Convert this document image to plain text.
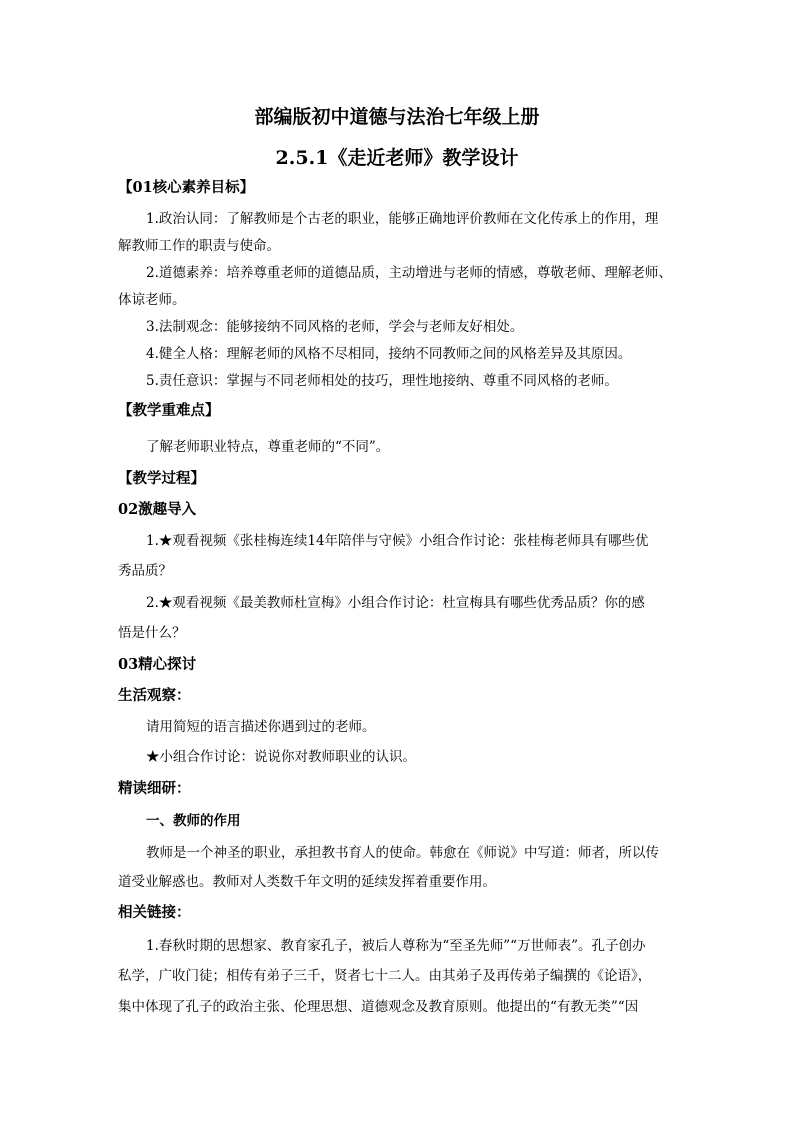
部编版初中道德与法治七年级上册
2.5.1《走近老师》教学设计
【01核心素养目标】
1.政治认同：了解教师是个古老的职业，能够正确地评价教师在文化传承上的作用，理
解教师工作的职责与使命。
2.道德素养：培养尊重老师的道德品质，主动增进与老师的情感，尊敬老师、理解老师、
体谅老师。
3.法制观念：能够接纳不同风格的老师，学会与老师友好相处。
4.健全人格：理解老师的风格不尽相同，接纳不同教师之间的风格差异及其原因。
5.责任意识：掌握与不同老师相处的技巧，理性地接纳、尊重不同风格的老师。
【教学重难点】
了解老师职业特点，尊重老师的“不同”。
【教学过程】
02激趣导入
1.★观看视频《张桂梅连续14年陪伴与守候》小组合作讨论：张桂梅老师具有哪些优
秀品质？
2.★观看视频《最美教师杜宣梅》小组合作讨论：杜宣梅具有哪些优秀品质？你的感
悟是什么？
03精心探讨
生活观察：
请用简短的语言描述你遇到过的老师。
★小组合作讨论：说说你对教师职业的认识。
精读细研：
一、教师的作用
教师是一个神圣的职业，承担教书育人的使命。韩愈在《师说》中写道：师者，所以传
道受业解惑也。教师对人类数千年文明的延续发挥着重要作用。
相关链接：
1.春秋时期的思想家、教育家孔子，被后人尊称为“至圣先师”“万世师表”。孔子创办
私学，广收门徒；相传有弟子三千，贤者七十二人。由其弟子及再传弟子编撰的《论语》，
集中体现了孔子的政治主张、伦理思想、道德观念及教育原则。他提出的“有教无类”“因
